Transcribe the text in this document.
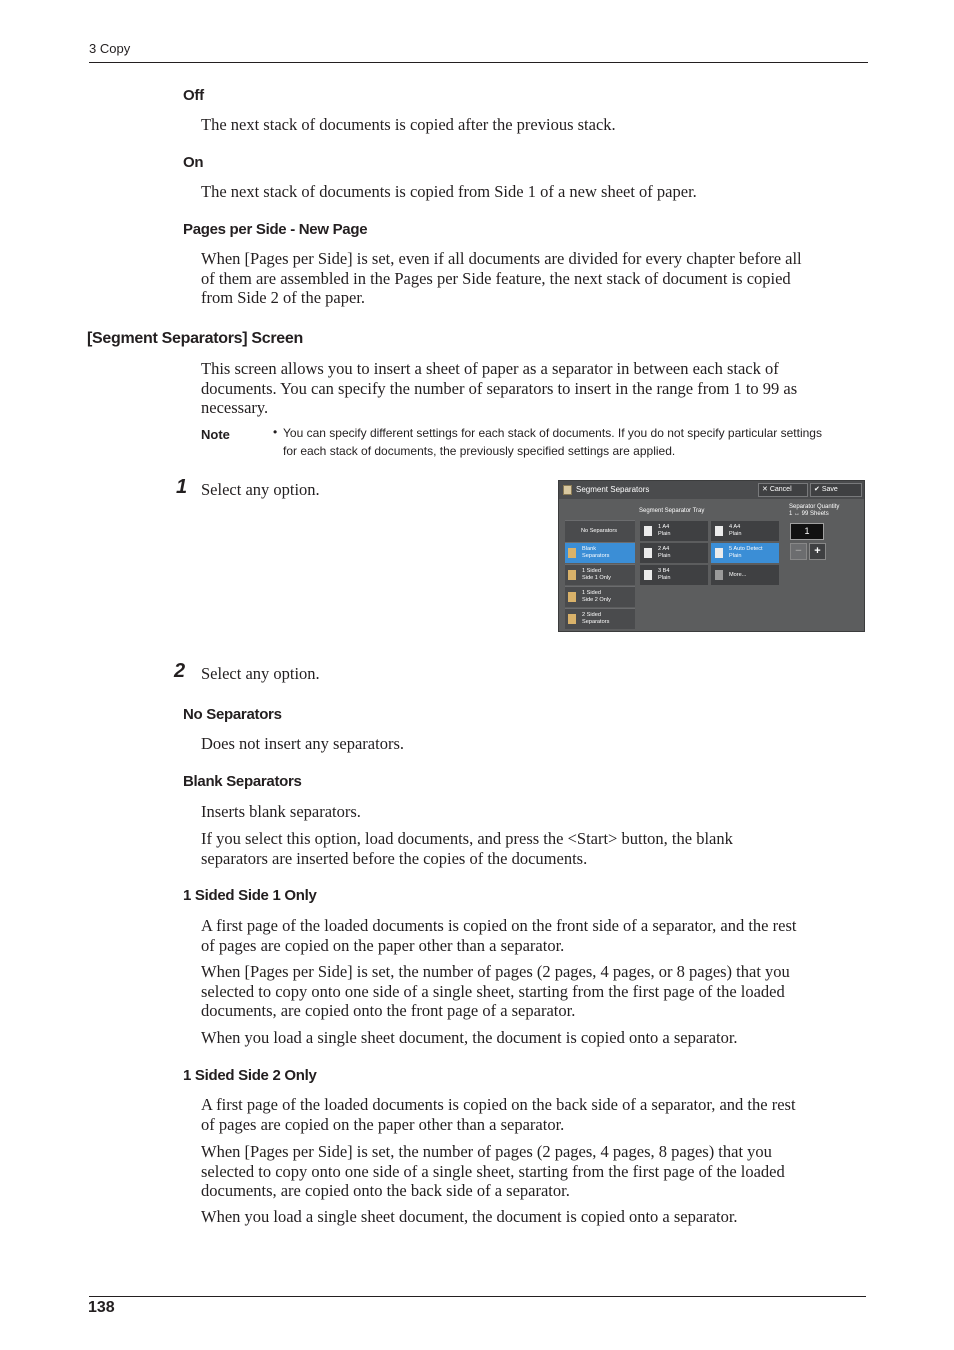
3 Copy
Off
The next stack of documents is copied after the previous stack.
On
The next stack of documents is copied from Side 1 of a new sheet of paper.
Pages per Side - New Page
When [Pages per Side] is set, even if all documents are divided for every chapter before all
of them are assembled in the Pages per Side feature, the next stack of document is copied
from Side 2 of the paper.
[Segment Separators] Screen
This screen allows you to insert a sheet of paper as a separator in between each stack of
documents. You can specify the number of separators to insert in the range from 1 to 99 as
necessary.
Note	• You can specify different settings for each stack of documents. If you do not specify particular settings
for each stack of documents, the previously specified settings are applied.
1 Select any option.	Segment Separators	✕ Cancel	✔ Save
Segment Separator Tray
Separator Quantity
1 ↔ 99 Sheets
No Separators
Blank
Separators
1 Sided
Side 1 Only
1 Sided
Side 2 Only
2 Sided
Separators
1 A4
Plain
4 A4
Plain
2 A4
Plain
5 Auto Detect
Plain
3 B4
Plain	More...
1
−	+
2 Select any option.
No Separators
Does not insert any separators.
Blank Separators
Inserts blank separators.
If you select this option, load documents, and press the <Start> button, the blank
separators are inserted before the copies of the documents.
1 Sided Side 1 Only
A first page of the loaded documents is copied on the front side of a separator, and the rest
of pages are copied on the paper other than a separator.
When [Pages per Side] is set, the number of pages (2 pages, 4 pages, or 8 pages) that you
selected to copy onto one side of a single sheet, starting from the first page of the loaded
documents, are copied onto the front page of a separator.
When you load a single sheet document, the document is copied onto a separator.
1 Sided Side 2 Only
A first page of the loaded documents is copied on the back side of a separator, and the rest
of pages are copied on the paper other than a separator.
When [Pages per Side] is set, the number of pages (2 pages, 4 pages, 8 pages) that you
selected to copy onto one side of a single sheet, starting from the first page of the loaded
documents, are copied onto the back side of a separator.
When you load a single sheet document, the document is copied onto a separator.
138
